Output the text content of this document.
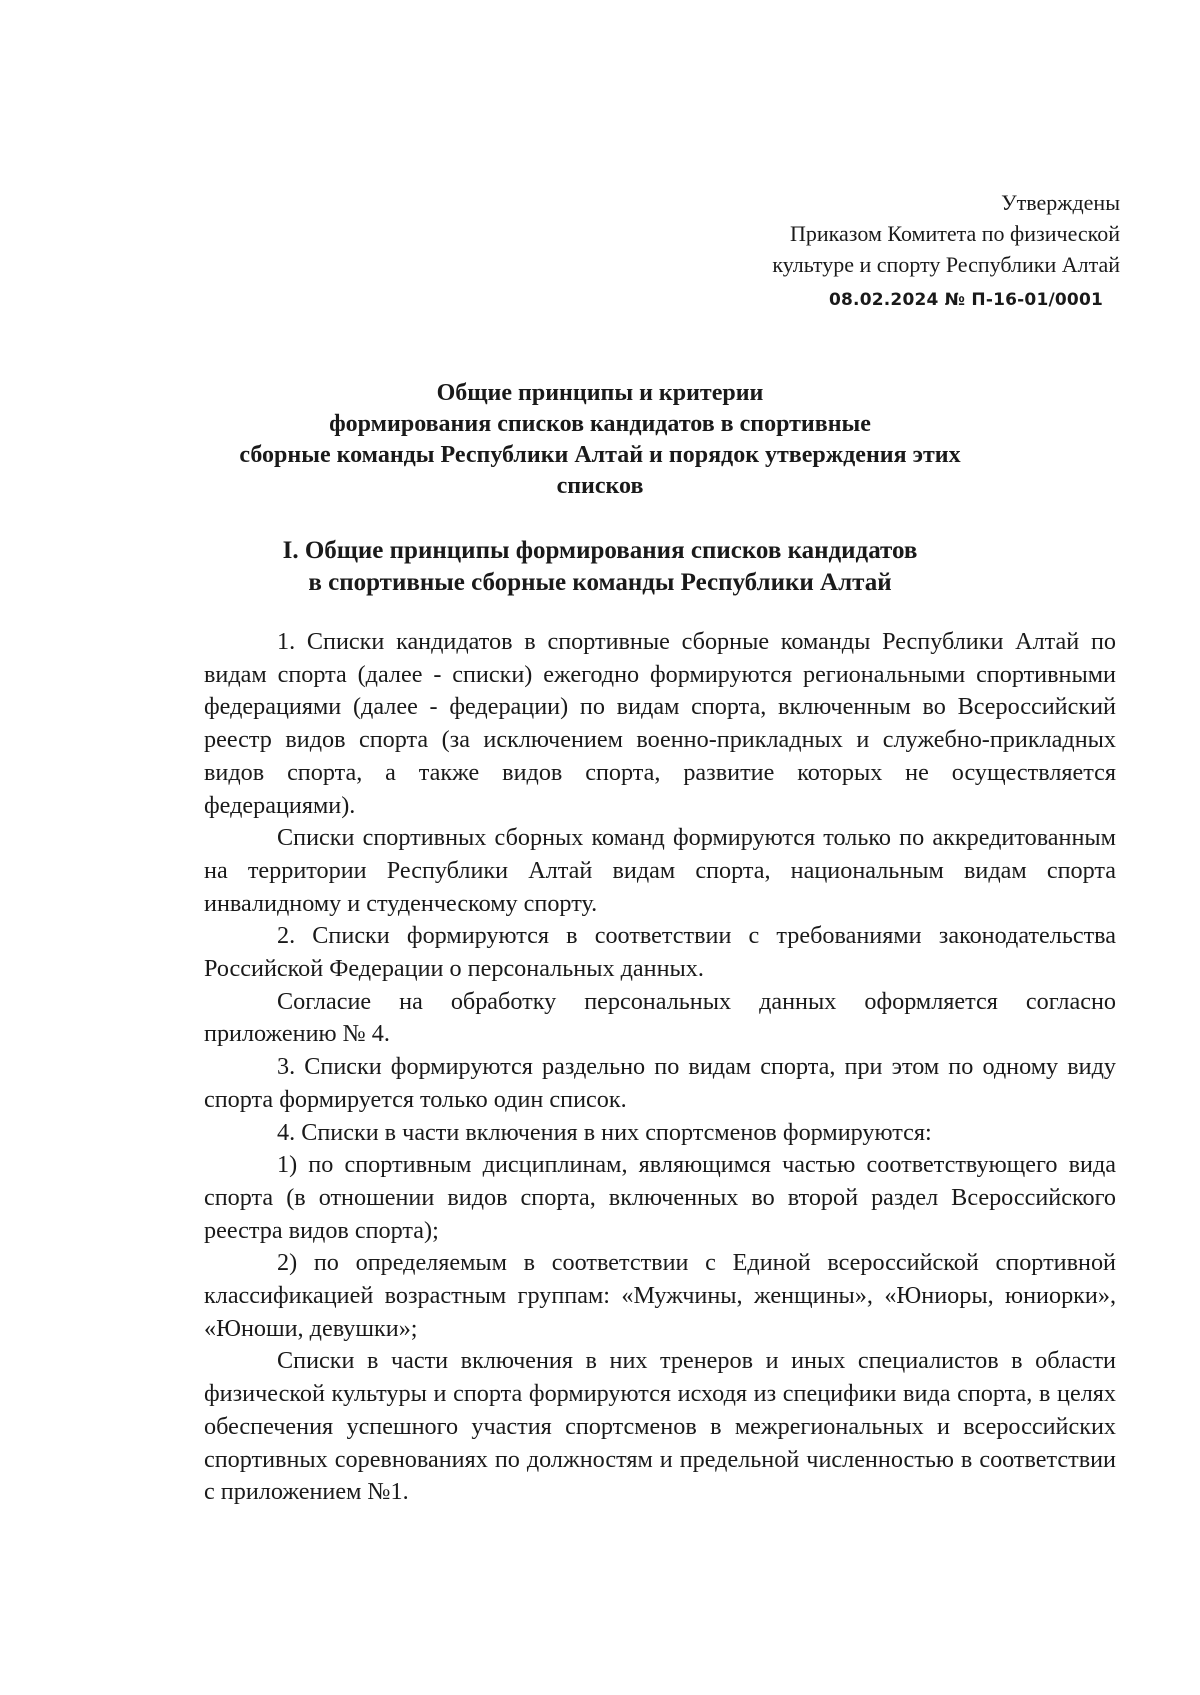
Утверждены
Приказом Комитета по физической
культуре и спорту Республики Алтай
08.02.2024 № П-16-01/0001
Общие принципы и критерии
формирования списков кандидатов в спортивные
сборные команды Республики Алтай и порядок утверждения этих
списков
I. Общие принципы формирования списков кандидатов
в спортивные сборные команды Республики Алтай

1. Списки кандидатов в спортивные сборные команды Республики Алтай по видам спорта (далее - списки) ежегодно формируются региональными спортивными федерациями (далее - федерации) по видам спорта, включенным во Всероссийский реестр видов спорта (за исключением военно-прикладных и служебно-прикладных видов спорта, а также видов спорта, развитие которых не осуществляется федерациями).

Списки спортивных сборных команд формируются только по аккредитованным на территории Республики Алтай видам спорта, национальным видам спорта инвалидному и студенческому спорту.

2. Списки формируются в соответствии с требованиями законодательства Российской Федерации о персональных данных.

Согласие на обработку персональных данных оформляется согласно приложению № 4.

3. Списки формируются раздельно по видам спорта, при этом по одному виду спорта формируется только один список.

4. Списки в части включения в них спортсменов формируются:

1) по спортивным дисциплинам, являющимся частью соответствующего вида спорта (в отношении видов спорта, включенных во второй раздел Всероссийского реестра видов спорта);

2) по определяемым в соответствии с Единой всероссийской спортивной классификацией возрастным группам: «Мужчины, женщины», «Юниоры, юниорки», «Юноши, девушки»;

Списки в части включения в них тренеров и иных специалистов в области физической культуры и спорта формируются исходя из специфики вида спорта, в целях обеспечения успешного участия спортсменов в межрегиональных и всероссийских спортивных соревнованиях по должностям и предельной численностью в соответствии с приложением №1.
